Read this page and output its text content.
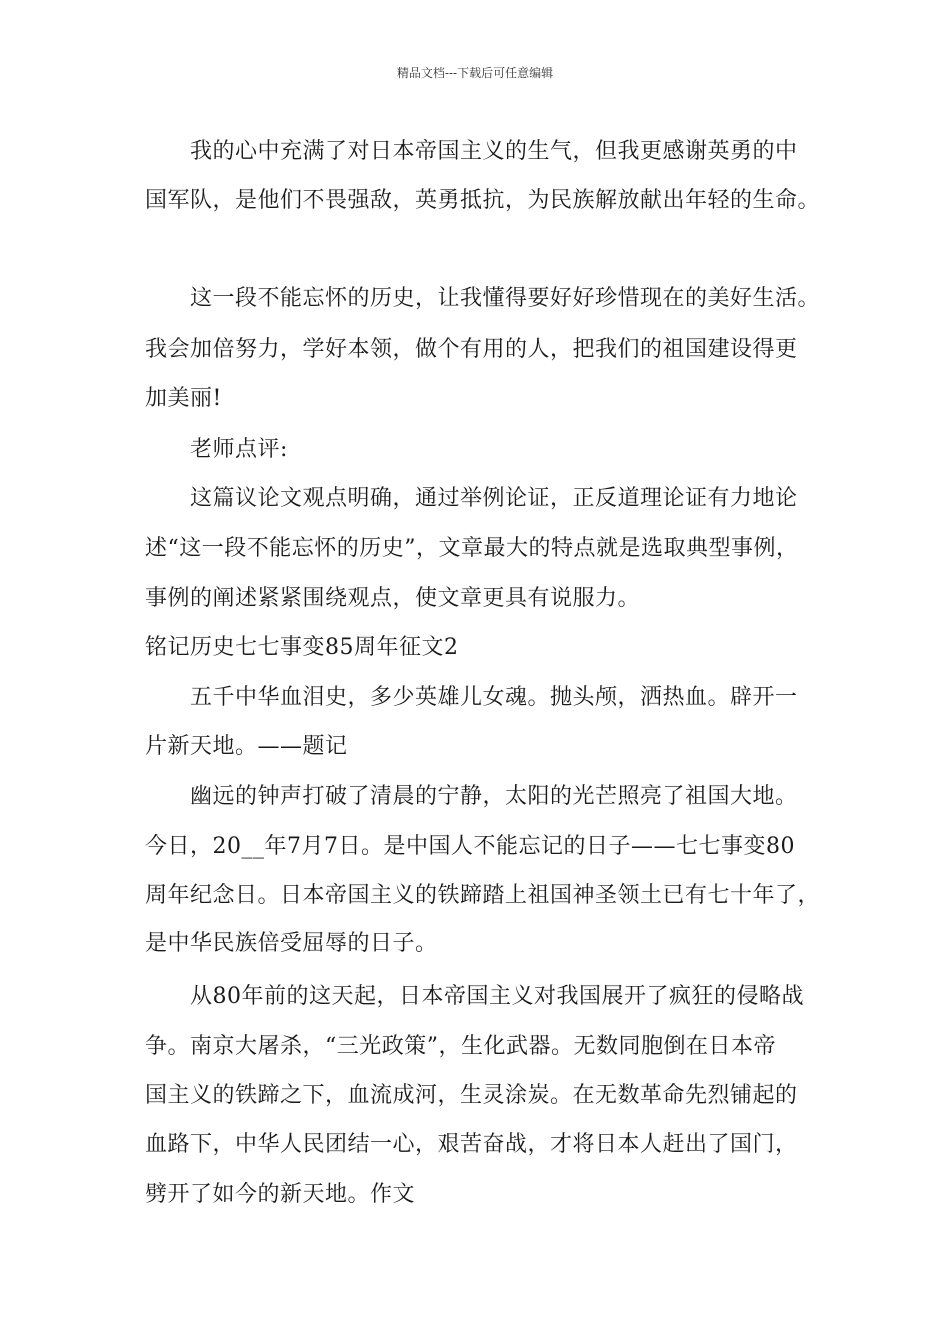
精品文档---下载后可任意编辑
我的心中充满了对日本帝国主义的生气，但我更感谢英勇的中
国军队，是他们不畏强敌，英勇抵抗，为民族解放献出年轻的生命。
这一段不能忘怀的历史，让我懂得要好好珍惜现在的美好生活。
我会加倍努力，学好本领，做个有用的人，把我们的祖国建设得更
加美丽!
老师点评:
这篇议论文观点明确，通过举例论证，正反道理论证有力地论
述“这一段不能忘怀的历史”，文章最大的特点就是选取典型事例，
事例的阐述紧紧围绕观点，使文章更具有说服力。
铭记历史七七事变85周年征文2
五千中华血泪史，多少英雄儿女魂。抛头颅，洒热血。辟开一
片新天地。——题记
幽远的钟声打破了清晨的宁静，太阳的光芒照亮了祖国大地。
今日，20__年7月7日。是中国人不能忘记的日子——七七事变80
周年纪念日。日本帝国主义的铁蹄踏上祖国神圣领土已有七十年了，
是中华民族倍受屈辱的日子。
从80年前的这天起，日本帝国主义对我国展开了疯狂的侵略战
争。南京大屠杀，“三光政策”，生化武器。无数同胞倒在日本帝
国主义的铁蹄之下，血流成河，生灵涂炭。在无数革命先烈铺起的
血路下，中华人民团结一心，艰苦奋战，才将日本人赶出了国门，
劈开了如今的新天地。作文
